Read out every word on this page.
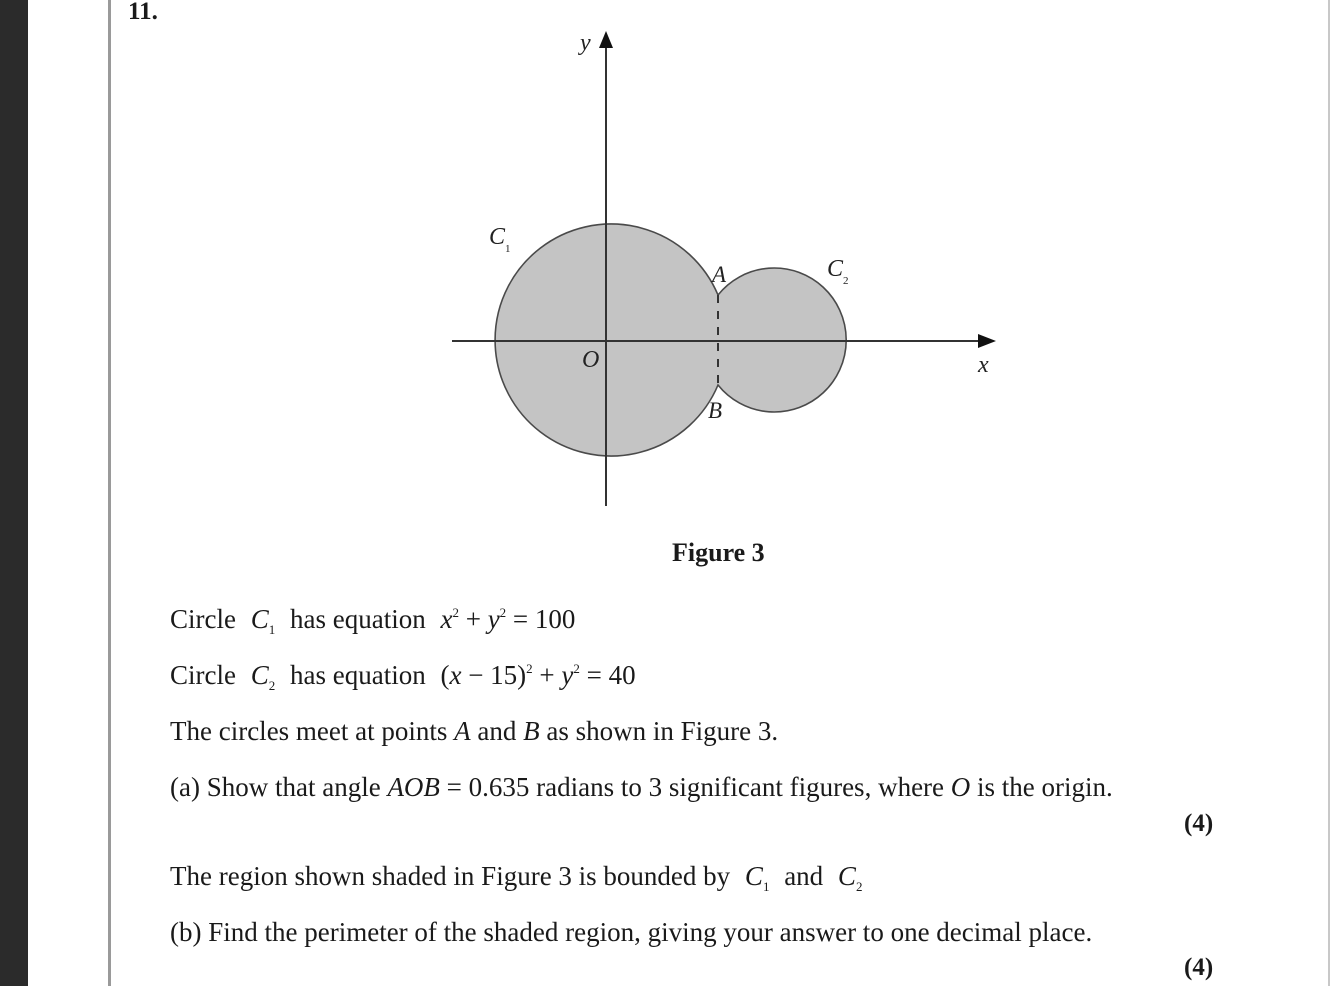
11.
y
x
O
A
B
$C_1$
$C_2$
Figure 3
Circle $C_1$ has equation $x^2 + y^2 = 100$
Circle $C_2$ has equation $(x - 15)^2 + y^2 = 40$
The circles meet at points A and B as shown in Figure 3.
(a) Show that angle AOB = 0.635 radians to 3 significant figures, where O is the origin.
(4)
The region shown shaded in Figure 3 is bounded by $C_1$ and $C_2$
(b) Find the perimeter of the shaded region, giving your answer to one decimal place.
(4)
